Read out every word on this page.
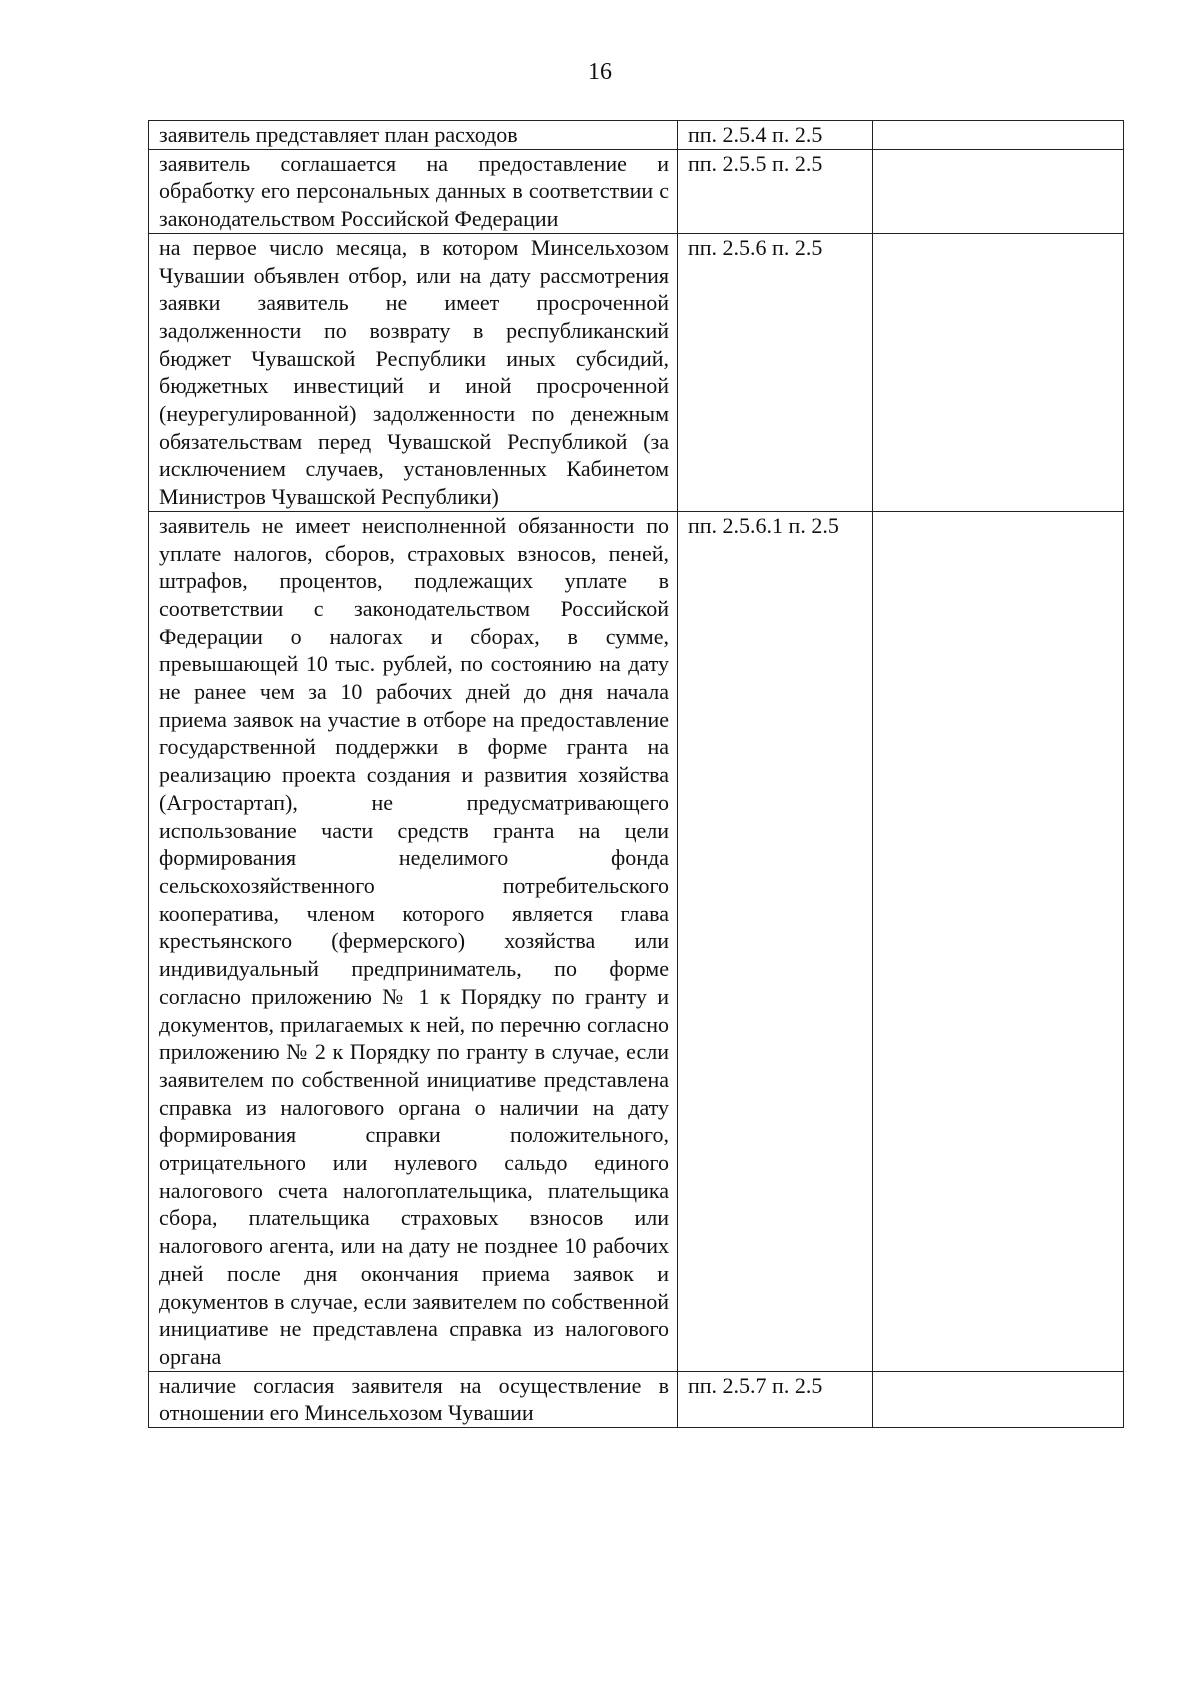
16
заявитель представляет план расходов	пп. 2.5.4 п. 2.5	
заявитель соглашается на предоставление и обработку его персональных данных в соответствии с законодательством Российской Федерации	пп. 2.5.5 п. 2.5	
на первое число месяца, в котором Минсельхозом Чувашии объявлен отбор, или на дату рассмотрения заявки заявитель не имеет просроченной задолженности по возврату в республиканский бюджет Чувашской Республики иных субсидий, бюджетных инвестиций и иной просроченной (неурегулированной) задолженности по денежным обязательствам перед Чувашской Республикой (за исключением случаев, установленных Кабинетом Министров Чувашской Республики)	пп. 2.5.6 п. 2.5	
заявитель не имеет неисполненной обязанности по уплате налогов, сборов, страховых взносов, пеней, штрафов, процентов, подлежащих уплате в соответствии с законодательством Российской Федерации о налогах и сборах, в сумме, превышающей 10 тыс. рублей, по состоянию на дату не ранее чем за 10 рабочих дней до дня начала приема заявок на участие в отборе на предоставление государственной поддержки в форме гранта на реализацию проекта создания и развития хозяйства (Агростартап), не предусматривающего использование части средств гранта на цели формирования неделимого фонда сельскохозяйственного потребительского кооператива, членом которого является глава крестьянского (фермерского) хозяйства или индивидуальный предприниматель, по форме согласно приложению № 1 к Порядку по гранту и документов, прилагаемых к ней, по перечню согласно приложению № 2 к Порядку по гранту в случае, если заявителем по собственной инициативе представлена справка из налогового органа о наличии на дату формирования справки положительного, отрицательного или нулевого сальдо единого налогового счета налогоплательщика, плательщика сбора, плательщика страховых взносов или налогового агента, или на дату не позднее 10 рабочих дней после дня окончания приема заявок и документов в случае, если заявителем по собственной инициативе не представлена справка из налогового органа	пп. 2.5.6.1 п. 2.5	
наличие согласия заявителя на осуществление в отношении его Минсельхозом Чувашии	пп. 2.5.7 п. 2.5	
